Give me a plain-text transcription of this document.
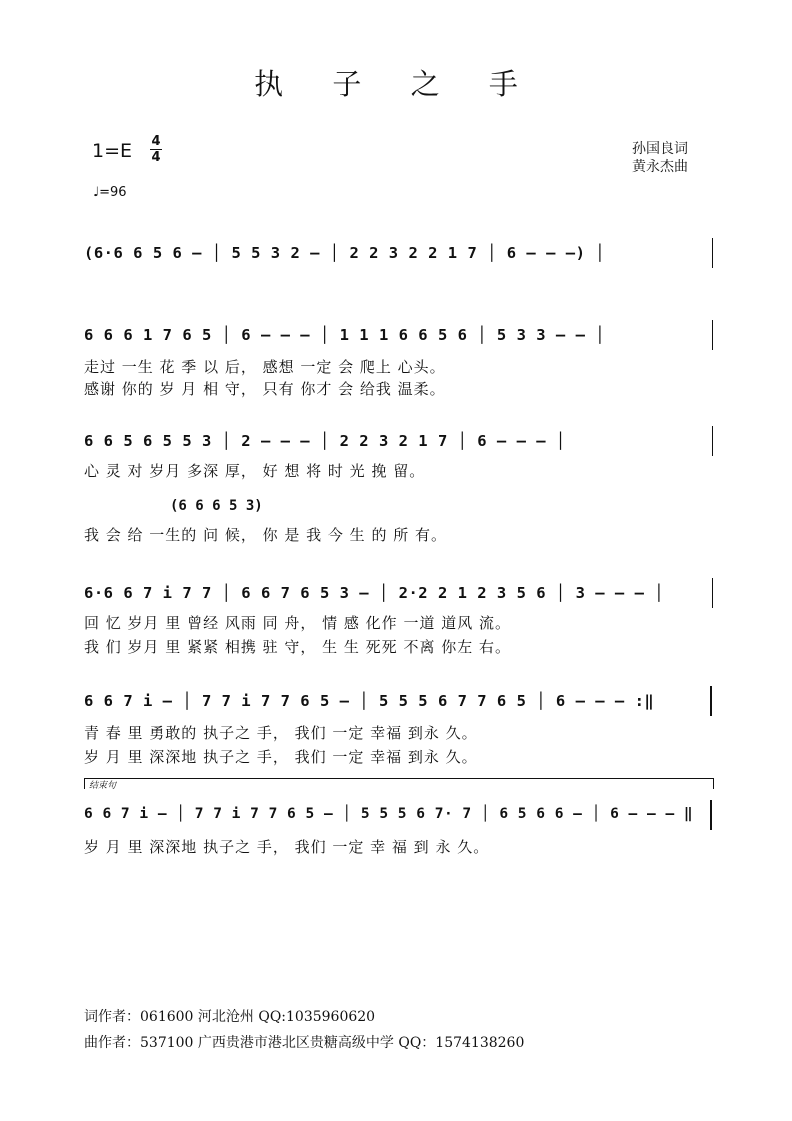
执 子 之 手
1=E 4
4
孙国良词
黄永杰曲
♩=96
(6·6 6 5 6 – │ 5 5 3 2 – │ 2 2 3 2 2 1 7 │ 6 – – –) │
6 6 6 1 7 6 5 │ 6 – – – │ 1 1 1 6 6 5 6 │ 5 3 3 – – │
走过 一生 花 季 以 后， 感想 一定 会 爬上 心头。
感谢 你的 岁 月 相 守， 只有 你才 会 给我 温柔。
6 6 5 6 5 5 3 │ 2 – – – │ 2 2 3 2 1 7 │ 6 – – – │
心 灵 对 岁月 多深 厚， 好 想 将 时 光 挽 留。
(6 6 6 5 3)
我 会 给 一生的 问 候， 你 是 我 今 生 的 所 有。
6·6 6 7 i 7 7 │ 6 6 7 6 5 3 – │ 2·2 2 1 2 3 5 6 │ 3 – – – │
回 忆 岁月 里 曾经 风雨 同 舟， 情 感 化作 一道 道风 流。
我 们 岁月 里 紧紧 相携 驻 守， 生 生 死死 不离 你左 右。
6 6 7 i – │ 7 7 i 7 7 6 5 – │ 5 5 5 6 7 7 6 5 │ 6 – – – :‖
青 春 里 勇敢的 执子之 手， 我们 一定 幸福 到永 久。
岁 月 里 深深地 执子之 手， 我们 一定 幸福 到永 久。
结束句
6 6 7 i – │ 7 7 i 7 7 6 5 – │ 5 5 5 6 7· 7 │ 6 5 6 6 – │ 6 – – – ‖
岁 月 里 深深地 执子之 手， 我们 一定 幸 福 到 永 久。
词作者：061600 河北沧州 QQ:1035960620
曲作者：537100 广西贵港市港北区贵糖高级中学 QQ：1574138260
